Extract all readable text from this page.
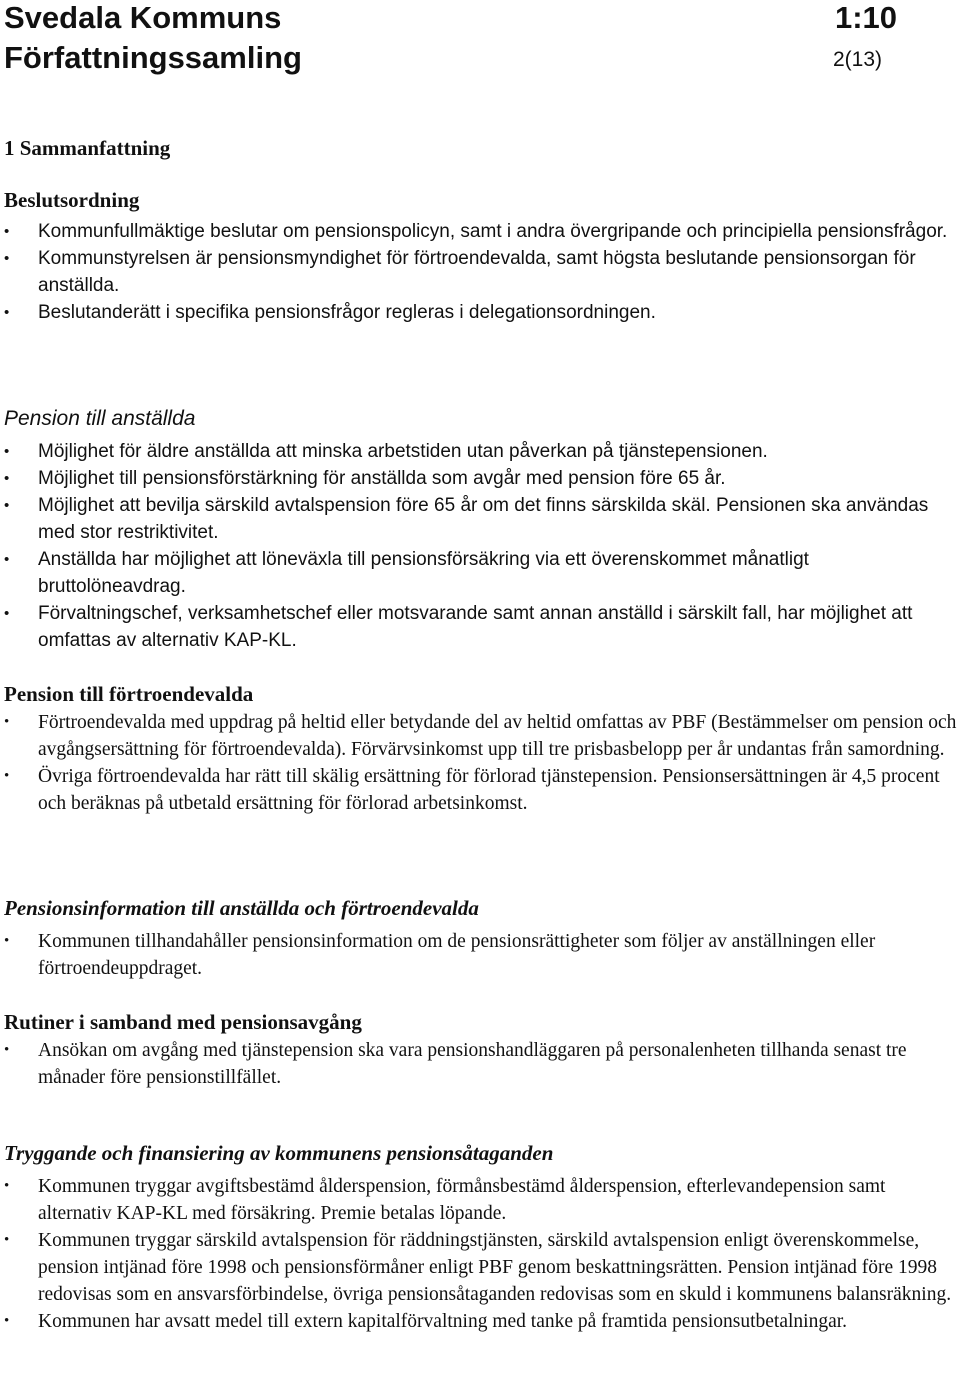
Svedala Kommuns
Författningssamling
1:10
2(13)
1 Sammanfattning
Beslutsordning
• Kommunfullmäktige beslutar om pensionspolicyn, samt i andra övergripande och principiella pensionsfrågor.
• Kommunstyrelsen är pensionsmyndighet för förtroendevalda, samt högsta beslutande pensionsorgan för anställda.
• Beslutanderätt i specifika pensionsfrågor regleras i delegationsordningen.
Pension till anställda
• Möjlighet för äldre anställda att minska arbetstiden utan påverkan på tjänstepensionen.
• Möjlighet till pensionsförstärkning för anställda som avgår med pension före 65 år.
• Möjlighet att bevilja särskild avtalspension före 65 år om det finns särskilda skäl. Pensionen ska användas med stor restriktivitet.
• Anställda har möjlighet att löneväxla till pensionsförsäkring via ett överenskommet månatligt bruttolöneavdrag.
• Förvaltningschef, verksamhetschef eller motsvarande samt annan anställd i särskilt fall, har möjlighet att omfattas av alternativ KAP-KL.
Pension till förtroendevalda
• Förtroendevalda med uppdrag på heltid eller betydande del av heltid omfattas av PBF (Bestämmelser om pension och avgångsersättning för förtroendevalda). Förvärvsinkomst upp till tre prisbasbelopp per år undantas från samordning.
• Övriga förtroendevalda har rätt till skälig ersättning för förlorad tjänstepension. Pensionsersättningen är 4,5 procent och beräknas på utbetald ersättning för förlorad arbetsinkomst.
Pensionsinformation till anställda och förtroendevalda
• Kommunen tillhandahåller pensionsinformation om de pensionsrättigheter som följer av anställningen eller förtroendeuppdraget.
Rutiner i samband med pensionsavgång
• Ansökan om avgång med tjänstepension ska vara pensionshandläggaren på personalenheten tillhanda senast tre månader före pensionstillfället.
Tryggande och finansiering av kommunens pensionsåtaganden
• Kommunen tryggar avgiftsbestämd ålderspension, förmånsbestämd ålderspension, efterlevandepension samt alternativ KAP-KL med försäkring. Premie betalas löpande.
• Kommunen tryggar särskild avtalspension för räddningstjänsten, särskild avtalspension enligt överenskommelse, pension intjänad före 1998 och pensionsförmåner enligt PBF genom beskattningsrätten. Pension intjänad före 1998 redovisas som en ansvarsförbindelse, övriga pensionsåtaganden redovisas som en skuld i kommunens balansräkning.
• Kommunen har avsatt medel till extern kapitalförvaltning med tanke på framtida pensionsutbetalningar.
